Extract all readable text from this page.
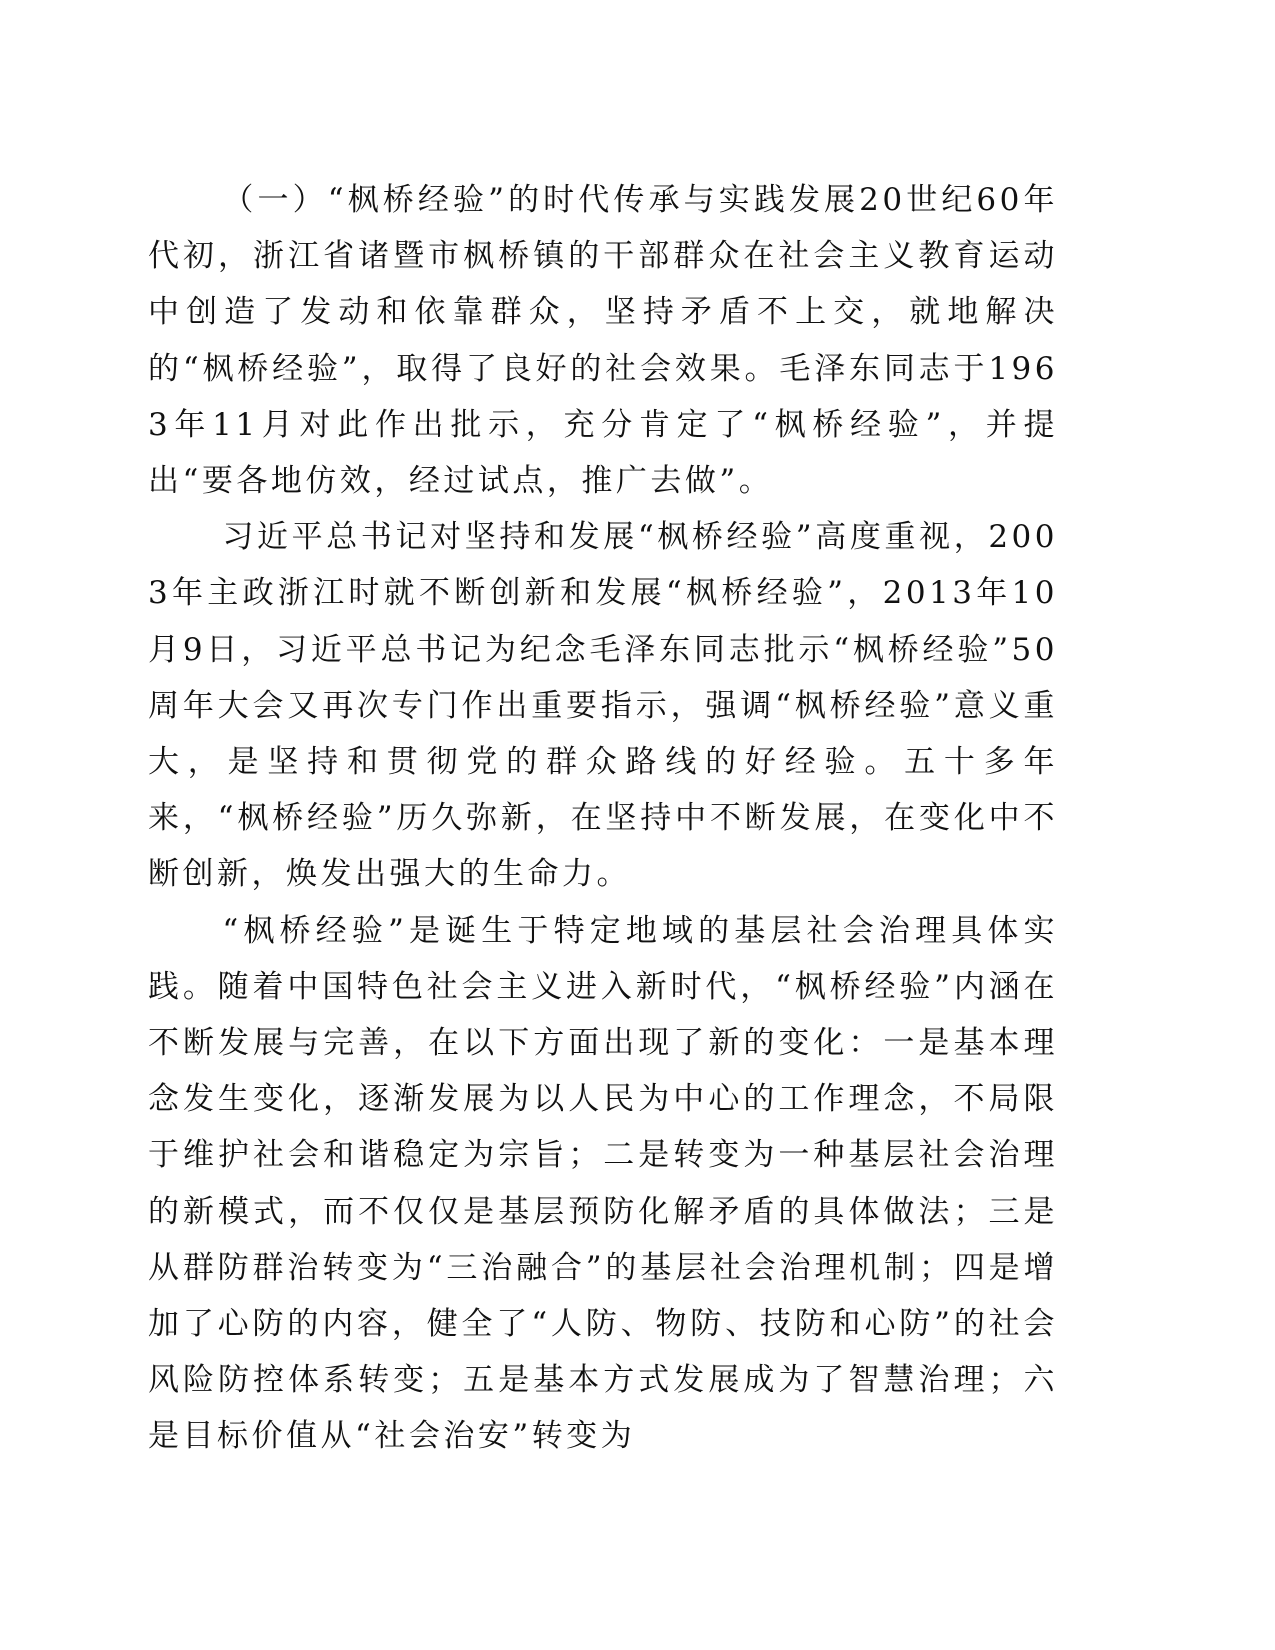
（一）“枫桥经验”的时代传承与实践发展20世纪60年代初，浙江省诸暨市枫桥镇的干部群众在社会主义教育运动中创造了发动和依靠群众，坚持矛盾不上交，就地解决的“枫桥经验”，取得了良好的社会效果。毛泽东同志于1963年11月对此作出批示，充分肯定了“枫桥经验”，并提出“要各地仿效，经过试点，推广去做”。

习近平总书记对坚持和发展“枫桥经验”高度重视，2003年主政浙江时就不断创新和发展“枫桥经验”，2013年10月9日，习近平总书记为纪念毛泽东同志批示“枫桥经验”50周年大会又再次专门作出重要指示，强调“枫桥经验”意义重大，是坚持和贯彻党的群众路线的好经验。五十多年来，“枫桥经验”历久弥新，在坚持中不断发展，在变化中不断创新，焕发出强大的生命力。

“枫桥经验”是诞生于特定地域的基层社会治理具体实践。随着中国特色社会主义进入新时代，“枫桥经验”内涵在不断发展与完善，在以下方面出现了新的变化：一是基本理念发生变化，逐渐发展为以人民为中心的工作理念，不局限于维护社会和谐稳定为宗旨；二是转变为一种基层社会治理的新模式，而不仅仅是基层预防化解矛盾的具体做法；三是从群防群治转变为“三治融合”的基层社会治理机制；四是增加了心防的内容，健全了“人防、物防、技防和心防”的社会风险防控体系转变；五是基本方式发展成为了智慧治理；六是目标价值从“社会治安”转变为
